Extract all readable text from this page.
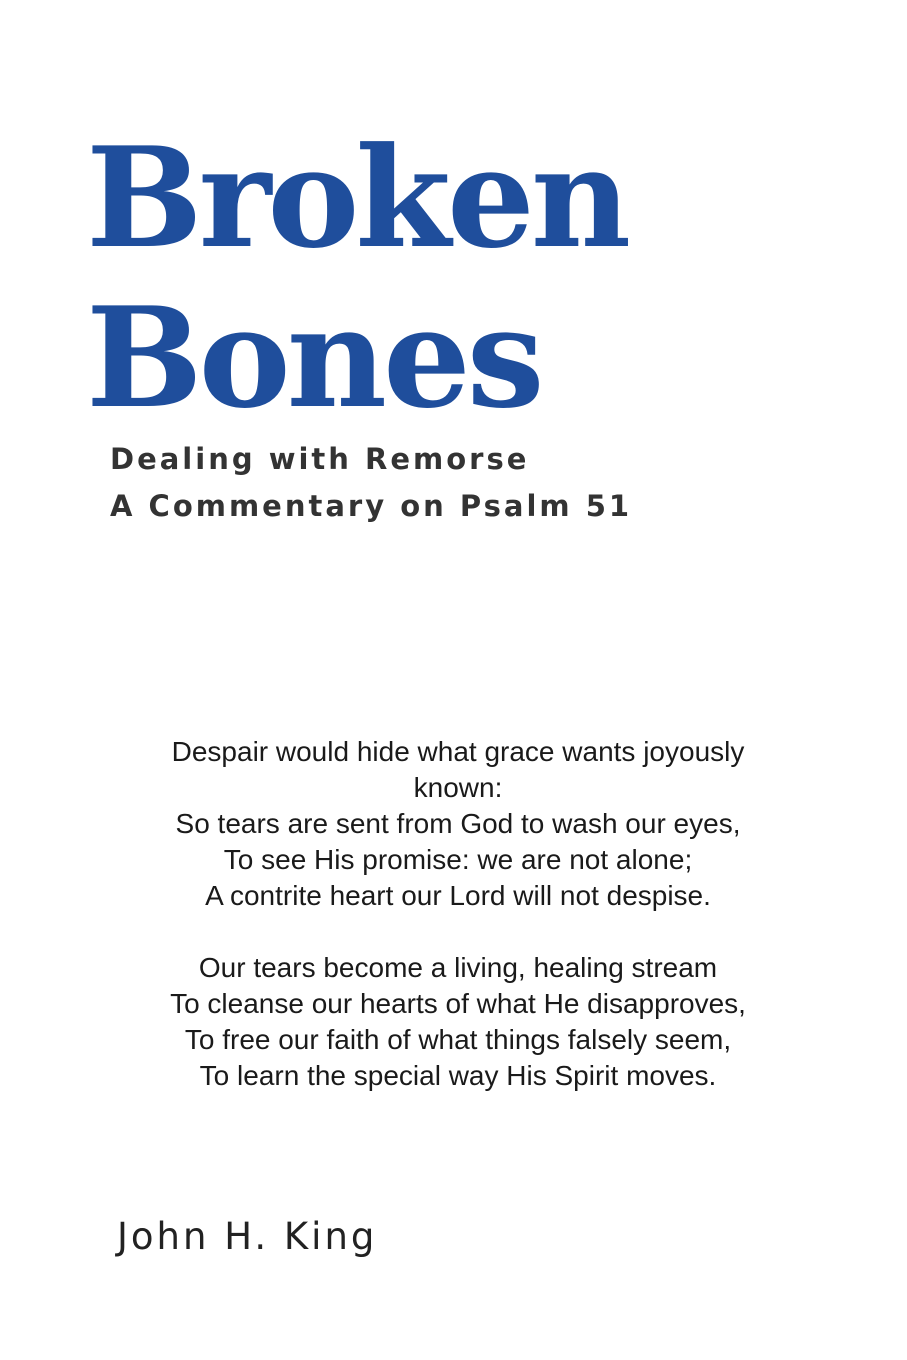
Broken
Bones
Dealing with Remorse
A Commentary on Psalm 51
Despair would hide what grace wants joyously
known:
So tears are sent from God to wash our eyes,
To see His promise: we are not alone;
A contrite heart our Lord will not despise.
Our tears become a living, healing stream
To cleanse our hearts of what He disapproves,
To free our faith of what things falsely seem,
To learn the special way His Spirit moves.
John H. King
